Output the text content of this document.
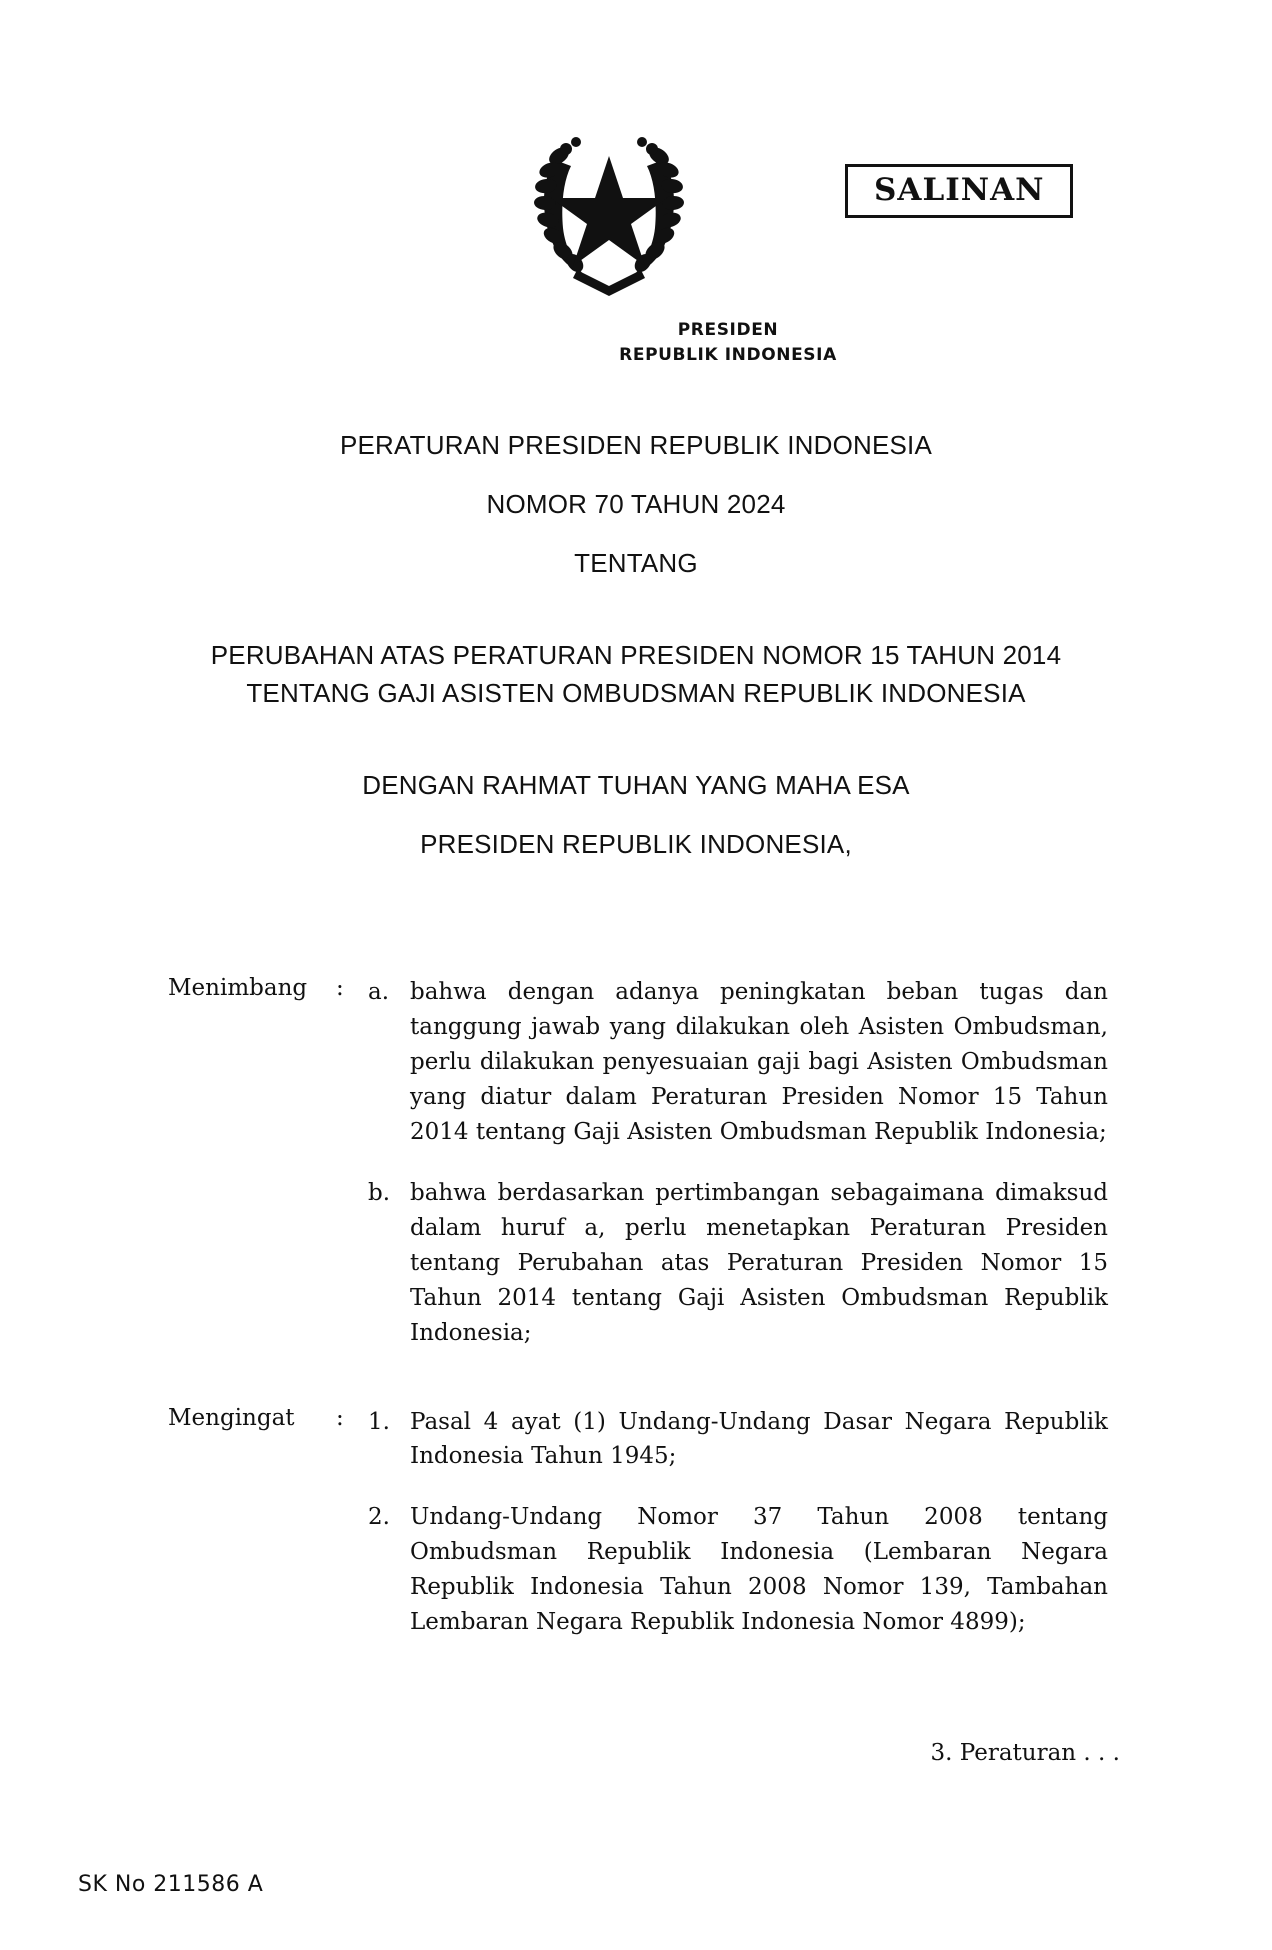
SALINAN
PRESIDEN
REPUBLIK INDONESIA
PERATURAN PRESIDEN REPUBLIK INDONESIA
NOMOR 70 TAHUN 2024
TENTANG
PERUBAHAN ATAS PERATURAN PRESIDEN NOMOR 15 TAHUN 2014
TENTANG GAJI ASISTEN OMBUDSMAN REPUBLIK INDONESIA
DENGAN RAHMAT TUHAN YANG MAHA ESA
PRESIDEN REPUBLIK INDONESIA,
Menimbang	: a. bahwa dengan adanya peningkatan beban tugas dan tanggung jawab yang dilakukan oleh Asisten Ombudsman, perlu dilakukan penyesuaian gaji bagi Asisten Ombudsman yang diatur dalam Peraturan Presiden Nomor 15 Tahun 2014 tentang Gaji Asisten Ombudsman Republik Indonesia;
b. bahwa berdasarkan pertimbangan sebagaimana dimaksud dalam huruf a, perlu menetapkan Peraturan Presiden tentang Perubahan atas Peraturan Presiden Nomor 15 Tahun 2014 tentang Gaji Asisten Ombudsman Republik Indonesia;
Mengingat	: 1. Pasal 4 ayat (1) Undang-Undang Dasar Negara Republik Indonesia Tahun 1945;
2. Undang-Undang Nomor 37 Tahun 2008 tentang Ombudsman Republik Indonesia (Lembaran Negara Republik Indonesia Tahun 2008 Nomor 139, Tambahan Lembaran Negara Republik Indonesia Nomor 4899);
3. Peraturan . . .
SK No 211586 A
